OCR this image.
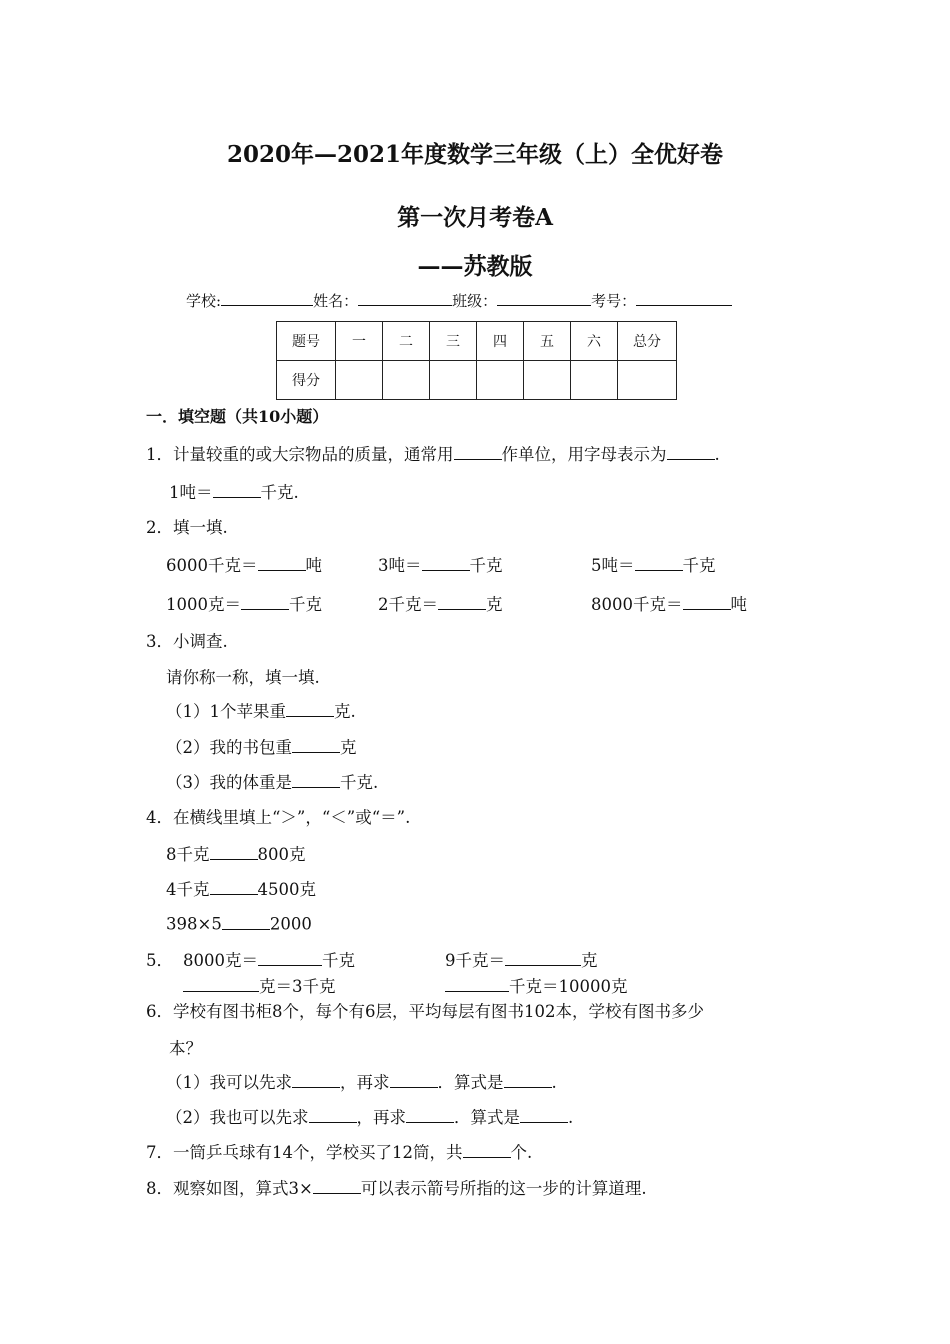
2020年—2021年度数学三年级（上）全优好卷
第一次月考卷A
——苏教版
学校:	姓名：	班级：	考号：
题号	一	二	三	四	五	六	总分
得分							
一．填空题（共10小题）
1．计量较重的或大宗物品的质量，通常用	作单位，用字母表示为	.
1吨＝	千克.
2．填一填.
6000千克＝	吨	3吨＝	千克	5吨＝	千克
1000克＝	千克	2千克＝	克	8000千克＝	吨
3．小调查.
请你称一称，填一填.
（1）1个苹果重	克.
（2）我的书包重	克
（3）我的体重是	千克.
4．在横线里填上“＞”，“＜”或“＝”.
8千克	800克
4千克	4500克
398×5	2000
5． 8000克＝	千克	9千克＝	克
克＝3千克	千克＝10000克
6．学校有图书柜8个，每个有6层，平均每层有图书102本，学校有图书多少
本？
（1）我可以先求	，再求	．算式是	.
（2）我也可以先求	，再求	．算式是	.
7．一筒乒乓球有14个，学校买了12筒，共	个.
8．观察如图，算式3×	可以表示箭号所指的这一步的计算道理.
